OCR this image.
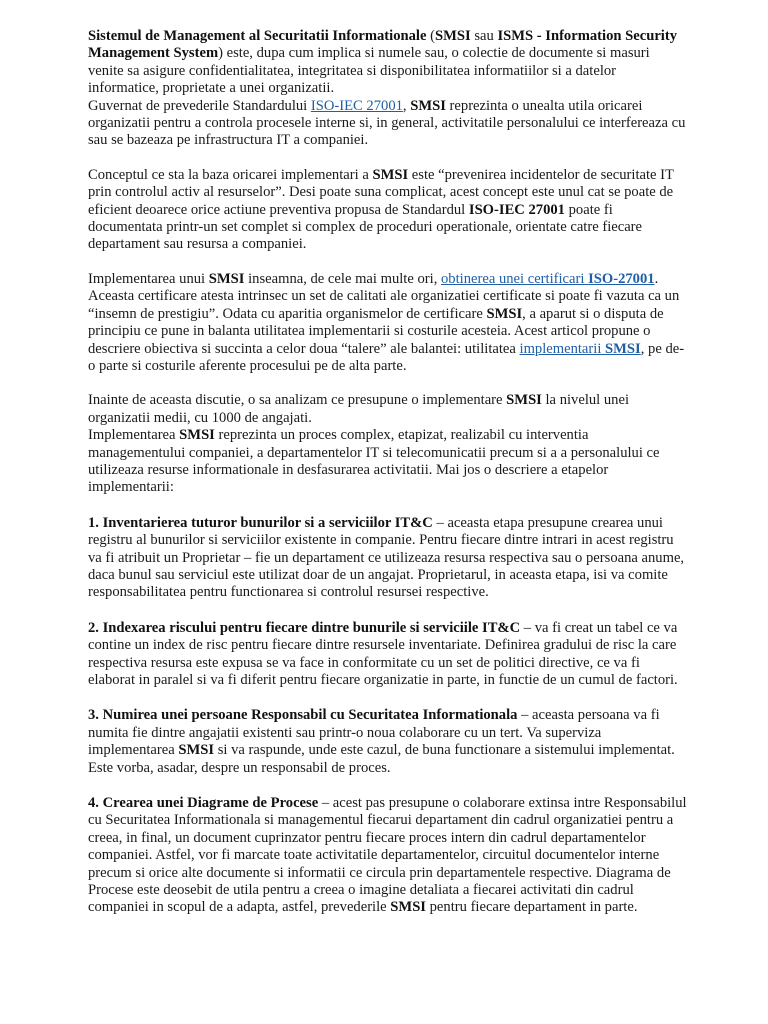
Sistemul de Management al Securitatii Informationale (SMSI sau ISMS - Information Security Management System) este, dupa cum implica si numele sau, o colectie de documente si masuri venite sa asigure confidentialitatea, integritatea si disponibilitatea informatiilor si a datelor informatice, proprietate a unei organizatii.

Guvernat de prevederile Standardului ISO-IEC 27001, SMSI reprezinta o unealta utila oricarei organizatii pentru a controla procesele interne si, in general, activitatile personalului ce interfereaza cu sau se bazeaza pe infrastructura IT a companiei.

Conceptul ce sta la baza oricarei implementari a SMSI este “prevenirea incidentelor de securitate IT prin controlul activ al resurselor”. Desi poate suna complicat, acest concept este unul cat se poate de eficient deoarece orice actiune preventiva propusa de Standardul ISO-IEC 27001 poate fi documentata printr-un set complet si complex de proceduri operationale, orientate catre fiecare departament sau resursa a companiei.

Implementarea unui SMSI inseamna, de cele mai multe ori, obtinerea unei certificari ISO-27001. Aceasta certificare atesta intrinsec un set de calitati ale organizatiei certificate si poate fi vazuta ca un “insemn de prestigiu”. Odata cu aparitia organismelor de certificare SMSI, a aparut si o disputa de principiu ce pune in balanta utilitatea implementarii si costurile acesteia. Acest articol propune o descriere obiectiva si succinta a celor doua “talere” ale balantei: utilitatea implementarii SMSI, pe de-o parte si costurile aferente procesului pe de alta parte.

Inainte de aceasta discutie, o sa analizam ce presupune o implementare SMSI la nivelul unei organizatii medii, cu 1000 de angajati.

Implementarea SMSI reprezinta un proces complex, etapizat, realizabil cu interventia managementului companiei, a departamentelor IT si telecomunicatii precum si a a personalului ce utilizeaza resurse informationale in desfasurarea activitatii. Mai jos o descriere a etapelor implementarii:

1. Inventarierea tuturor bunurilor si a serviciilor IT&C – aceasta etapa presupune crearea unui registru al bunurilor si serviciilor existente in companie. Pentru fiecare dintre intrari in acest registru va fi atribuit un Proprietar – fie un departament ce utilizeaza resursa respectiva sau o persoana anume, daca bunul sau serviciul este utilizat doar de un angajat. Proprietarul, in aceasta etapa, isi va comite responsabilitatea pentru functionarea si controlul resursei respective.

2. Indexarea riscului pentru fiecare dintre bunurile si serviciile IT&C – va fi creat un tabel ce va contine un index de risc pentru fiecare dintre resursele inventariate. Definirea gradului de risc la care respectiva resursa este expusa se va face in conformitate cu un set de politici directive, ce va fi elaborat in paralel si va fi diferit pentru fiecare organizatie in parte, in functie de un cumul de factori.

3. Numirea unei persoane Responsabil cu Securitatea Informationala – aceasta persoana va fi numita fie dintre angajatii existenti sau printr-o noua colaborare cu un tert. Va superviza implementarea SMSI si va raspunde, unde este cazul, de buna functionare a sistemului implementat. Este vorba, asadar, despre un responsabil de proces.

4. Crearea unei Diagrame de Procese – acest pas presupune o colaborare extinsa intre Responsabilul cu Securitatea Informationala si managementul fiecarui departament din cadrul organizatiei pentru a creea, in final, un document cuprinzator pentru fiecare proces intern din cadrul departamentelor companiei. Astfel, vor fi marcate toate activitatile departamentelor, circuitul documentelor interne precum si orice alte documente si informatii ce circula prin departamentele respective. Diagrama de Procese este deosebit de utila pentru a creea o imagine detaliata a fiecarei activitati din cadrul companiei in scopul de a adapta, astfel, prevederile SMSI pentru fiecare departament in parte.
